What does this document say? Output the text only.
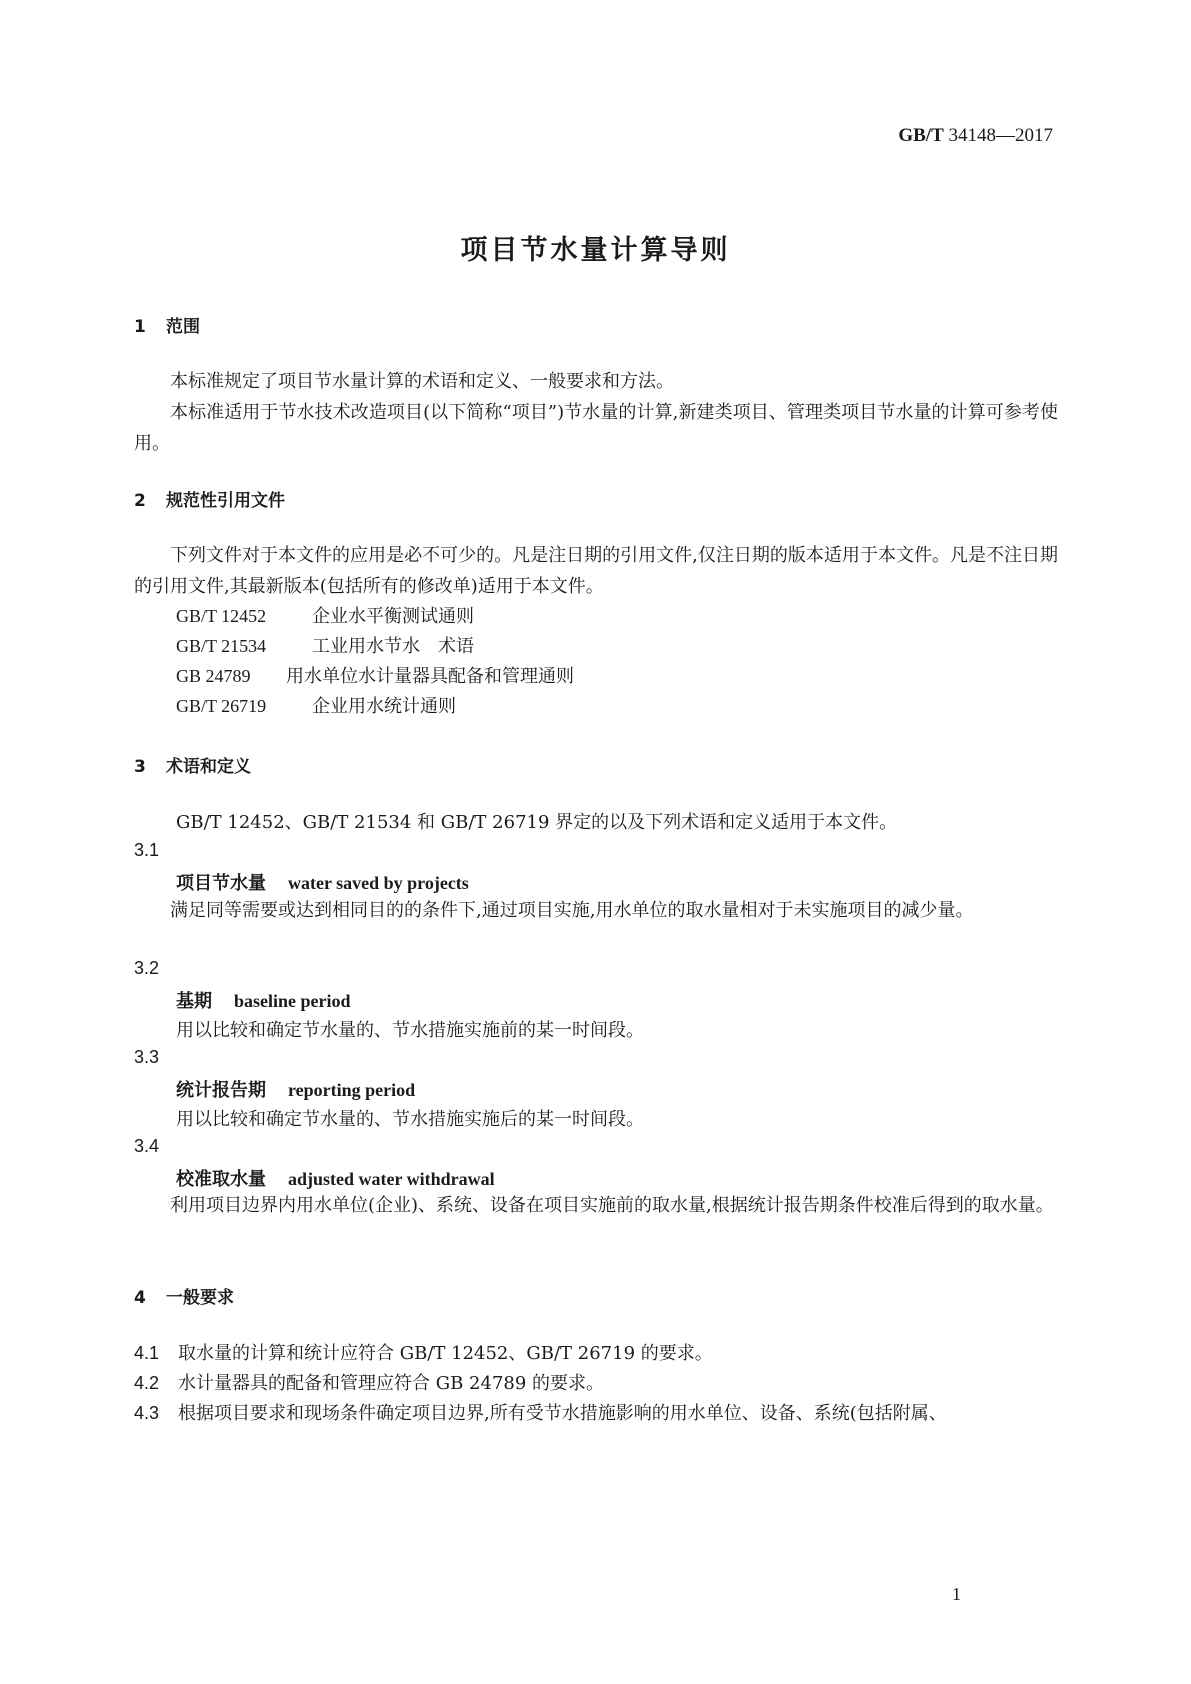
GB/T 34148—2017
项目节水量计算导则
1 范围
本标准规定了项目节水量计算的术语和定义、一般要求和方法。
本标准适用于节水技术改造项目(以下简称“项目”)节水量的计算,新建类项目、管理类项目节水量的计算可参考使用。
2 规范性引用文件
下列文件对于本文件的应用是必不可少的。凡是注日期的引用文件,仅注日期的版本适用于本文件。凡是不注日期的引用文件,其最新版本(包括所有的修改单)适用于本文件。
GB/T 12452	企业水平衡测试通则
GB/T 21534	工业用水节水　术语
GB 24789 用水单位水计量器具配备和管理通则
GB/T 26719	企业用水统计通则
3 术语和定义
GB/T 12452、GB/T 21534 和 GB/T 26719 界定的以及下列术语和定义适用于本文件。
3.1
项目节水量 water saved by projects
满足同等需要或达到相同目的的条件下,通过项目实施,用水单位的取水量相对于未实施项目的减少量。
3.2
基期 baseline period
用以比较和确定节水量的、节水措施实施前的某一时间段。
3.3
统计报告期 reporting period
用以比较和确定节水量的、节水措施实施后的某一时间段。
3.4
校准取水量 adjusted water withdrawal
利用项目边界内用水单位(企业)、系统、设备在项目实施前的取水量,根据统计报告期条件校准后得到的取水量。
4 一般要求
4.1 取水量的计算和统计应符合 GB/T 12452、GB/T 26719 的要求。
4.2 水计量器具的配备和管理应符合 GB 24789 的要求。
4.3 根据项目要求和现场条件确定项目边界,所有受节水措施影响的用水单位、设备、系统(包括附属、
1
